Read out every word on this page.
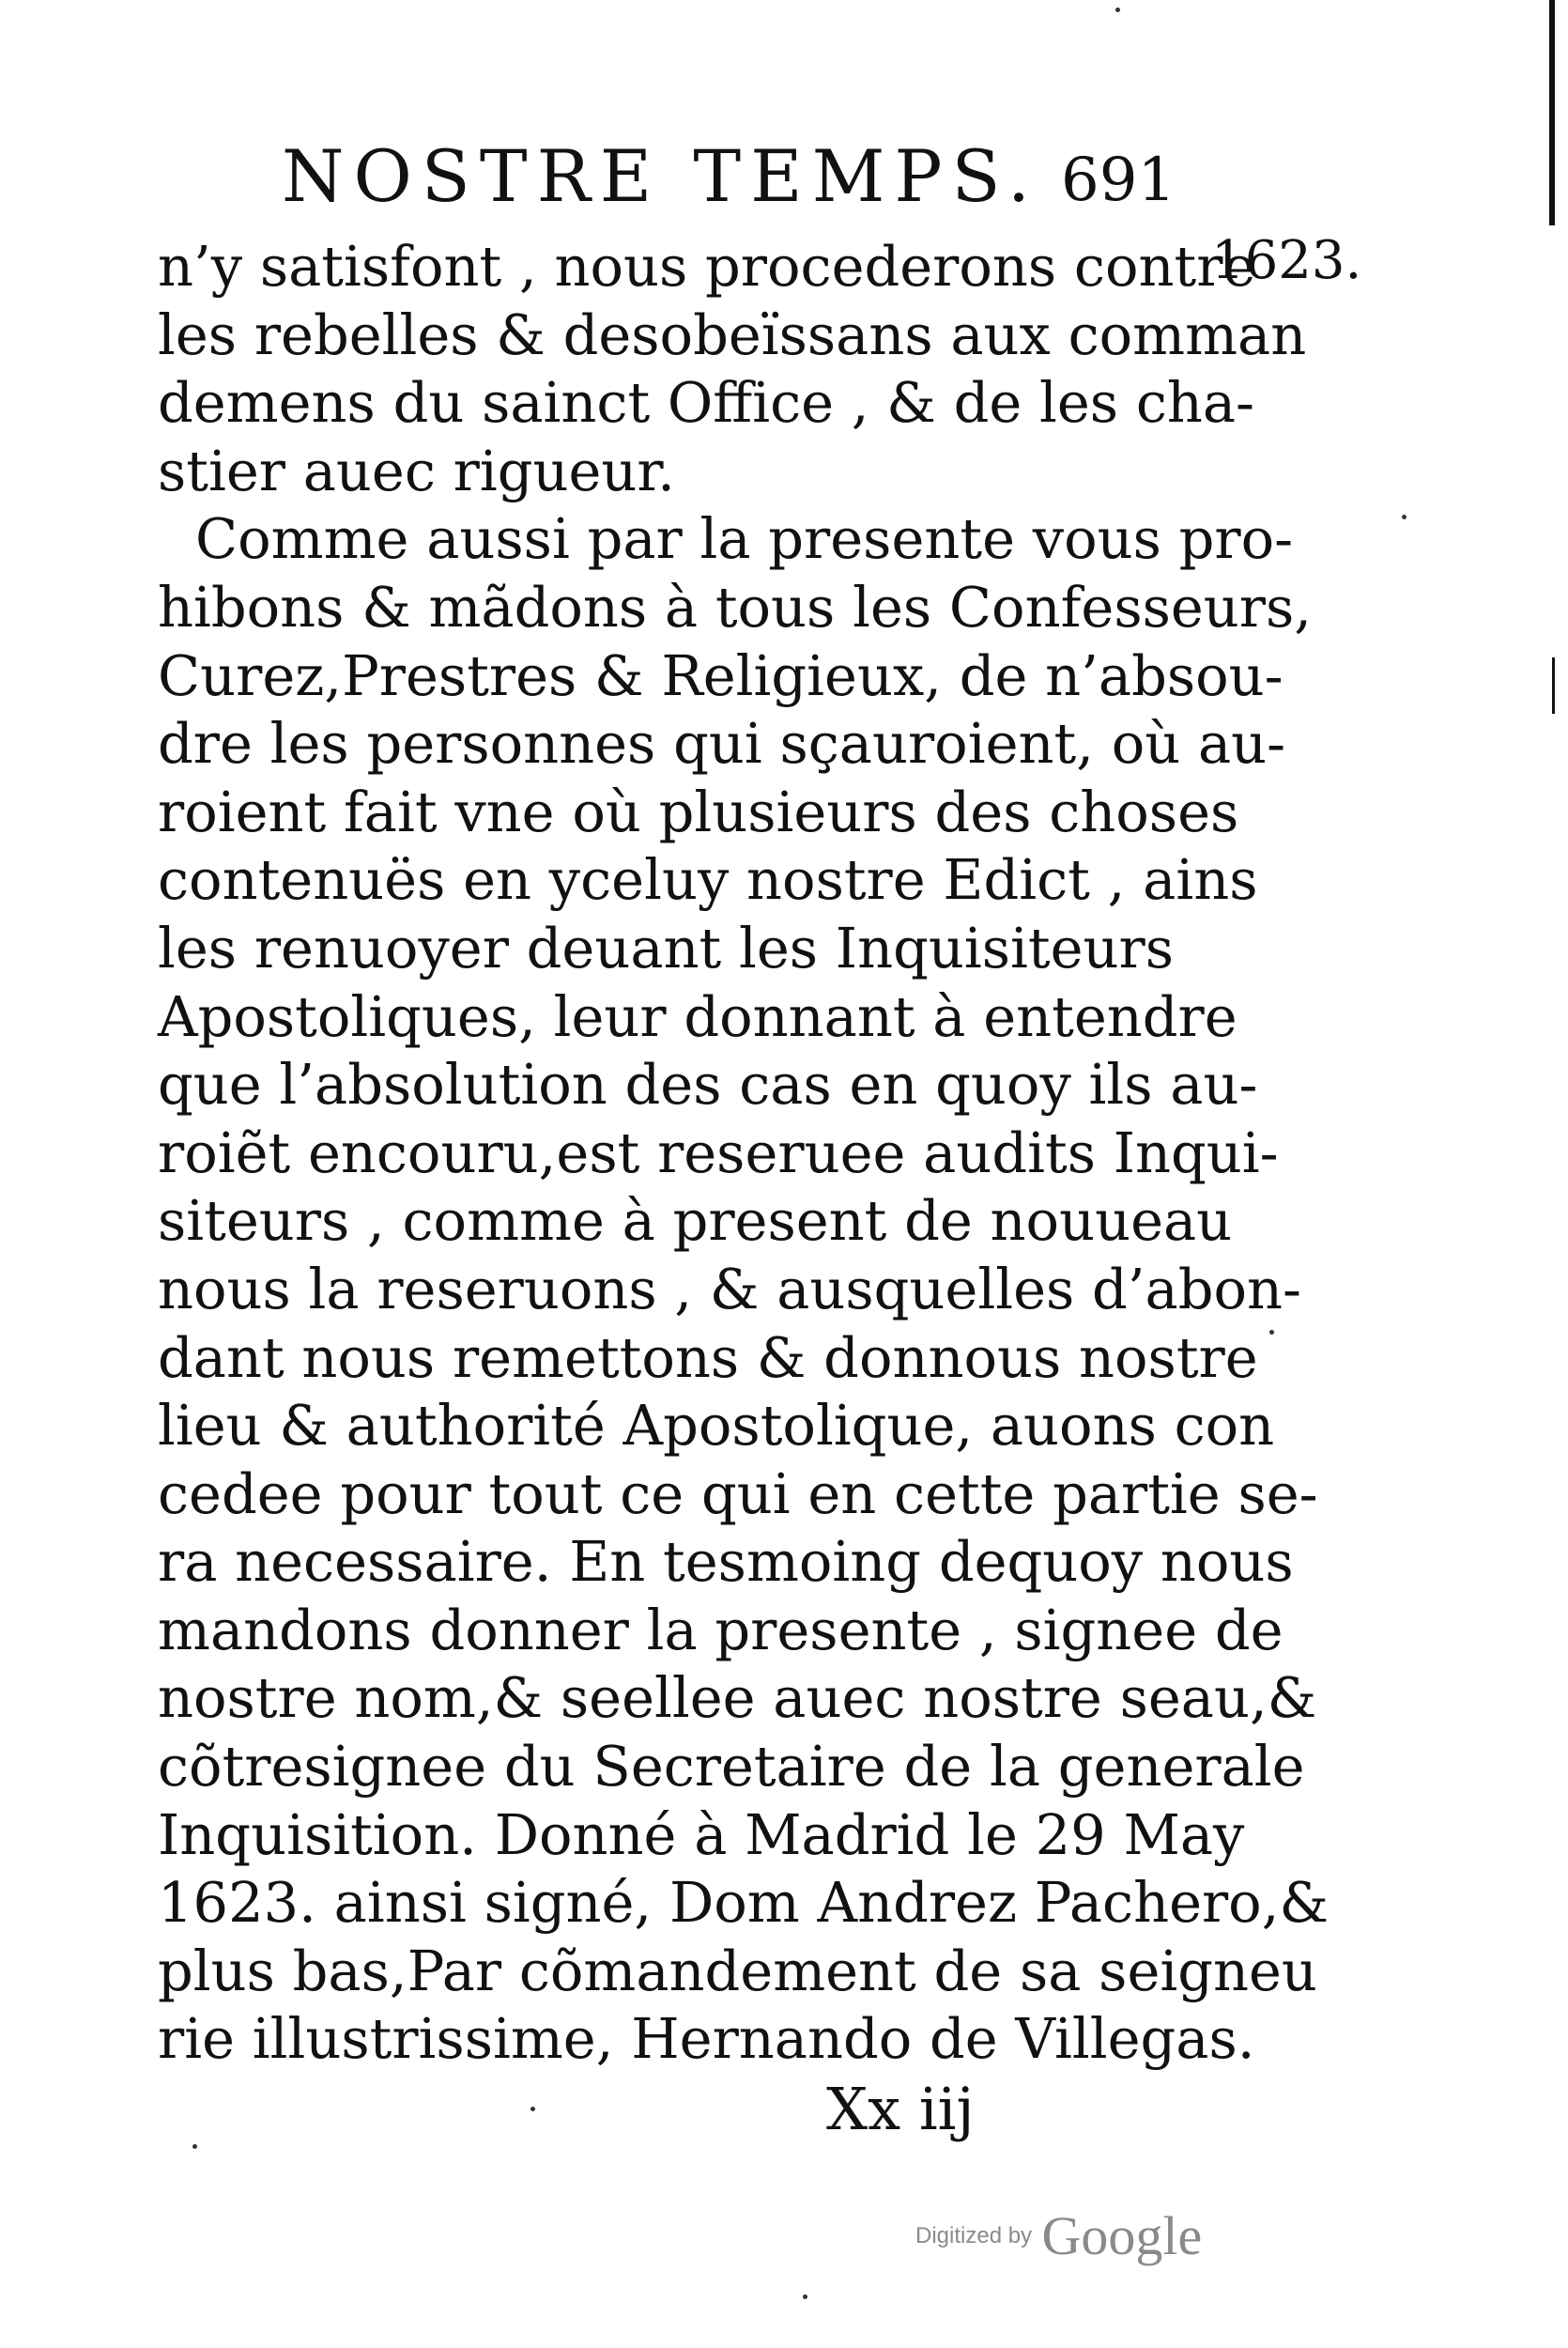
NOSTRE TEMPS. 691
1623.
n’y satisfont , nous procederons contre
les rebelles & desobeïssans aux comman
demens du sainct Office , & de les cha-
stier auec rigueur.
Comme aussi par la presente vous pro-
hibons & mãdons à tous les Confesseurs,
Curez,Prestres & Religieux, de n’absou-
dre les personnes qui sçauroient, où au-
roient fait vne où plusieurs des choses
contenuës en yceluy nostre Edict , ains
les renuoyer deuant les Inquisiteurs
Apostoliques, leur donnant à entendre
que l’absolution des cas en quoy ils au-
roiẽt encouru,est reseruee audits Inqui-
siteurs , comme à present de nouueau
nous la reseruons , & ausquelles d’abon-
dant nous remettons & donnous nostre
lieu & authorité Apostolique, auons con
cedee pour tout ce qui en cette partie se-
ra necessaire. En tesmoing dequoy nous
mandons donner la presente , signee de
nostre nom,& seellee auec nostre seau,&
cõtresignee du Secretaire de la generale
Inquisition. Donné à Madrid le 29 May
1623. ainsi signé, Dom Andrez Pachero,&
plus bas,Par cõmandement de sa seigneu
rie illustrissime, Hernando de Villegas.
Xx iij
Digitized by Google
